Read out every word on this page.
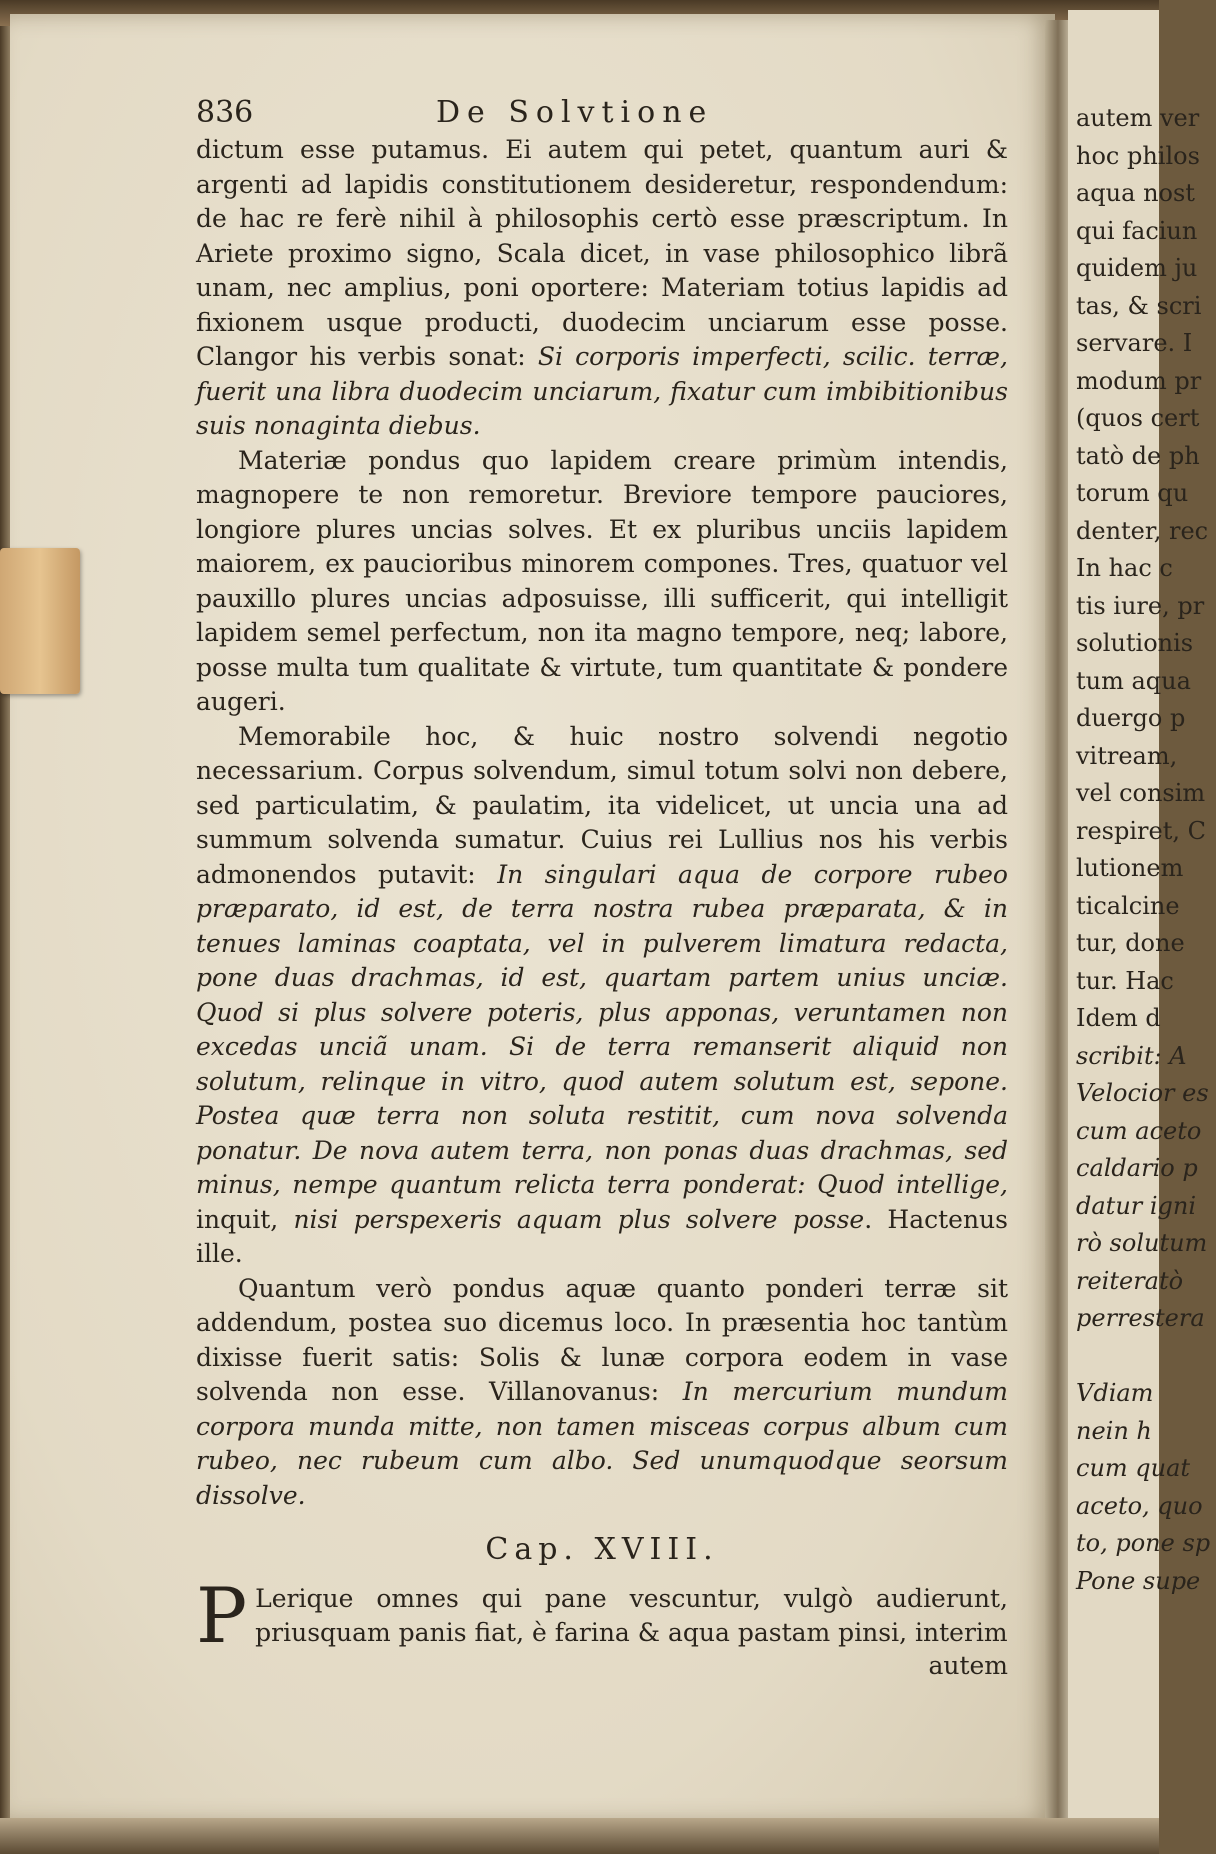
autem ver
hoc philos
aqua nost
qui faciun
quidem ju
tas, & scri
servare. I
modum pr
(quos cert
tatò de ph
torum qu
denter, rec
In hac c
tis iure, pr
solutionis
tum aqua
duergo p
vitream,
vel consim
respiret, C
lutionem
ticalcine
tur, done
tur. Hac
Idem d
scribit: A
Velocior es
cum aceto
caldario p
datur igni
rò solutum
reiteratò
perrestera
Vdiam
nein h
cum quat
aceto, quo
to, pone sp
Pone supe
836	De Solvtione

dictum esse putamus. Ei autem qui petet, quantum auri & argenti ad lapidis constitutionem desideretur, respondendum: de hac re ferè nihil à philosophis certò esse præscriptum. In Ariete proximo signo, Scala dicet, in vase philosophico librã unam, nec amplius, poni oportere: Materiam totius lapidis ad fixionem usque producti, duodecim unciarum esse posse. Clangor his verbis sonat: Si corporis imperfecti, scilic. terræ, fuerit una libra duodecim unciarum, fixatur cum imbibitionibus suis nonaginta diebus.

Materiæ pondus quo lapidem creare primùm intendis, magnopere te non remoretur. Breviore tempore pauciores, longiore plures uncias solves. Et ex pluribus unciis lapidem maiorem, ex paucioribus minorem compones. Tres, quatuor vel pauxillo plures uncias adposuisse, illi sufficerit, qui intelligit lapidem semel perfectum, non ita magno tempore, neq; labore, posse multa tum qualitate & virtute, tum quantitate & pondere augeri.

Memorabile hoc, & huic nostro solvendi negotio necessarium. Corpus solvendum, simul totum solvi non debere, sed particulatim, & paulatim, ita videlicet, ut uncia una ad summum solvenda sumatur. Cuius rei Lullius nos his verbis admonendos putavit: In singulari aqua de corpore rubeo præparato, id est, de terra nostra rubea præparata, & in tenues laminas coaptata, vel in pulverem limatura redacta, pone duas drachmas, id est, quartam partem unius unciæ. Quod si plus solvere poteris, plus apponas, veruntamen non excedas unciã unam. Si de terra remanserit aliquid non solutum, relinque in vitro, quod autem solutum est, sepone. Postea quæ terra non soluta restitit, cum nova solvenda ponatur. De nova autem terra, non ponas duas drachmas, sed minus, nempe quantum relicta terra ponderat: Quod intellige, inquit, nisi perspexeris aquam plus solvere posse. Hactenus ille.

Quantum verò pondus aquæ quanto ponderi terræ sit addendum, postea suo dicemus loco. In præsentia hoc tantùm dixisse fuerit satis: Solis & lunæ corpora eodem in vase solvenda non esse. Villanovanus: In mercurium mundum corpora munda mitte, non tamen misceas corpus album cum rubeo, nec rubeum cum albo. Sed unumquodque seorsum dissolve.

Cap. XVIII.

P Lerique omnes qui pane vescuntur, vulgò audierunt, priusquam panis fiat, è farina & aqua pastam pinsi, interim

autem
